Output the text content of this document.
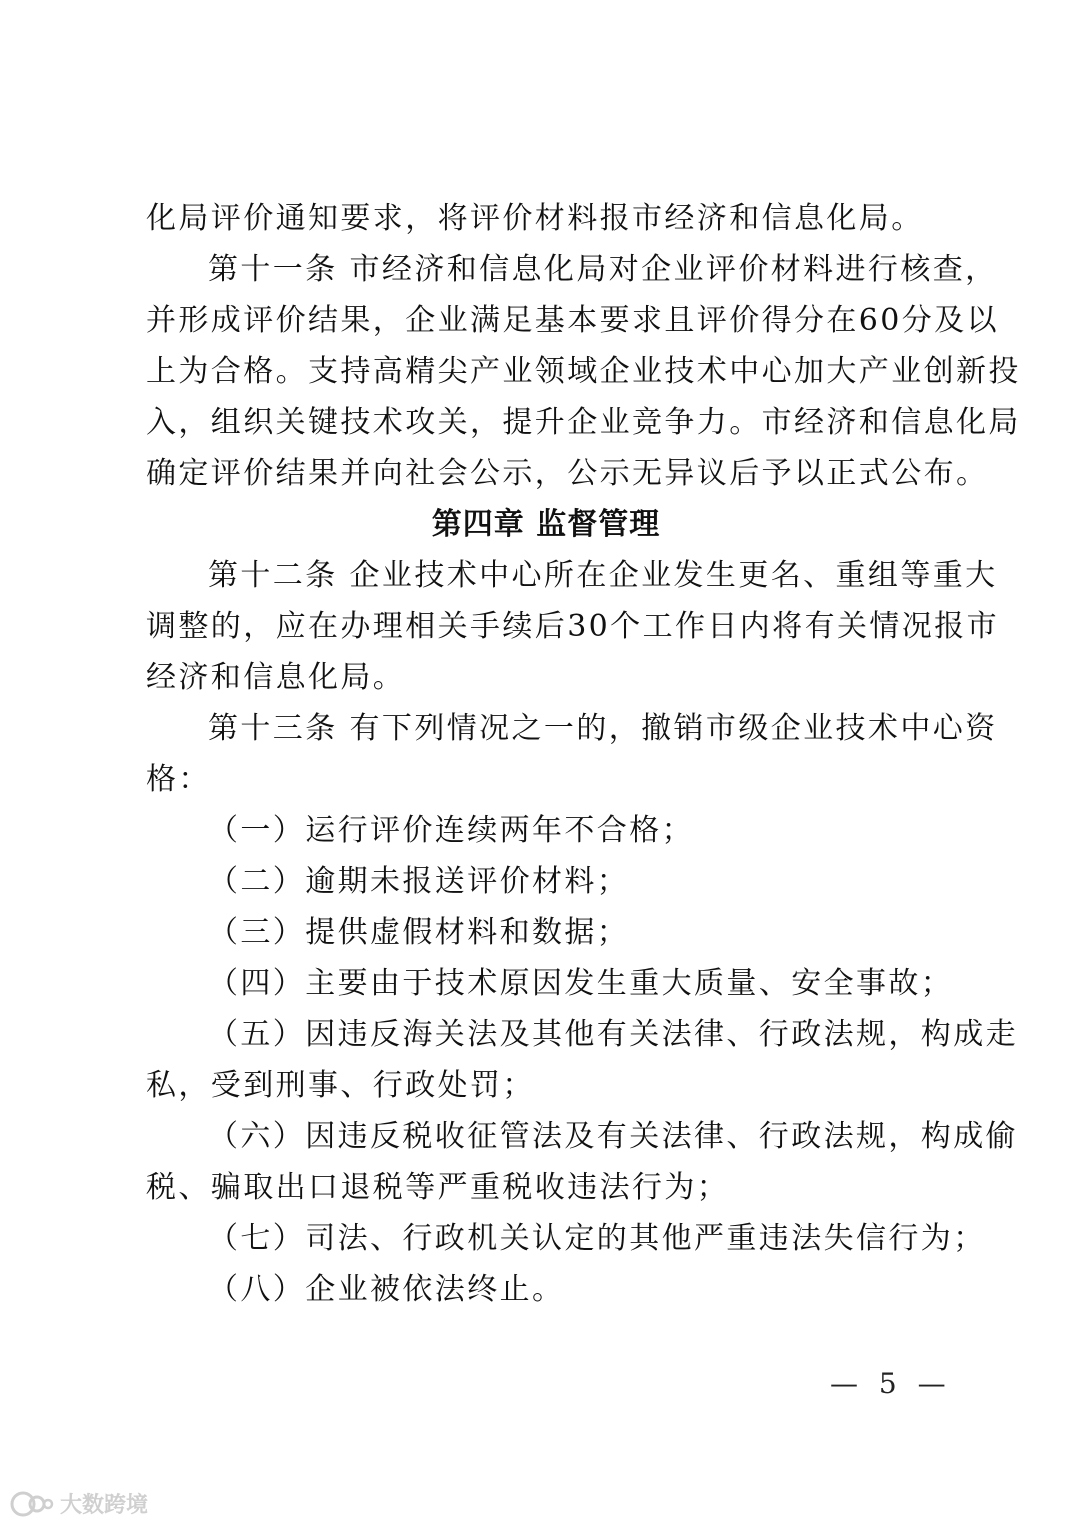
化局评价通知要求，将评价材料报市经济和信息化局。
第十一条 市经济和信息化局对企业评价材料进行核查，
并形成评价结果，企业满足基本要求且评价得分在60分及以
上为合格。支持高精尖产业领域企业技术中心加大产业创新投
入，组织关键技术攻关，提升企业竞争力。市经济和信息化局
确定评价结果并向社会公示，公示无异议后予以正式公布。
第四章 监督管理
第十二条 企业技术中心所在企业发生更名、重组等重大
调整的，应在办理相关手续后30个工作日内将有关情况报市
经济和信息化局。
第十三条 有下列情况之一的，撤销市级企业技术中心资
格：
（一）运行评价连续两年不合格；
（二）逾期未报送评价材料；
（三）提供虚假材料和数据；
（四）主要由于技术原因发生重大质量、安全事故；
（五）因违反海关法及其他有关法律、行政法规，构成走
私，受到刑事、行政处罚；
（六）因违反税收征管法及有关法律、行政法规，构成偷
税、骗取出口退税等严重税收违法行为；
（七）司法、行政机关认定的其他严重违法失信行为；
（八）企业被依法终止。
— 5 —
大数跨境
